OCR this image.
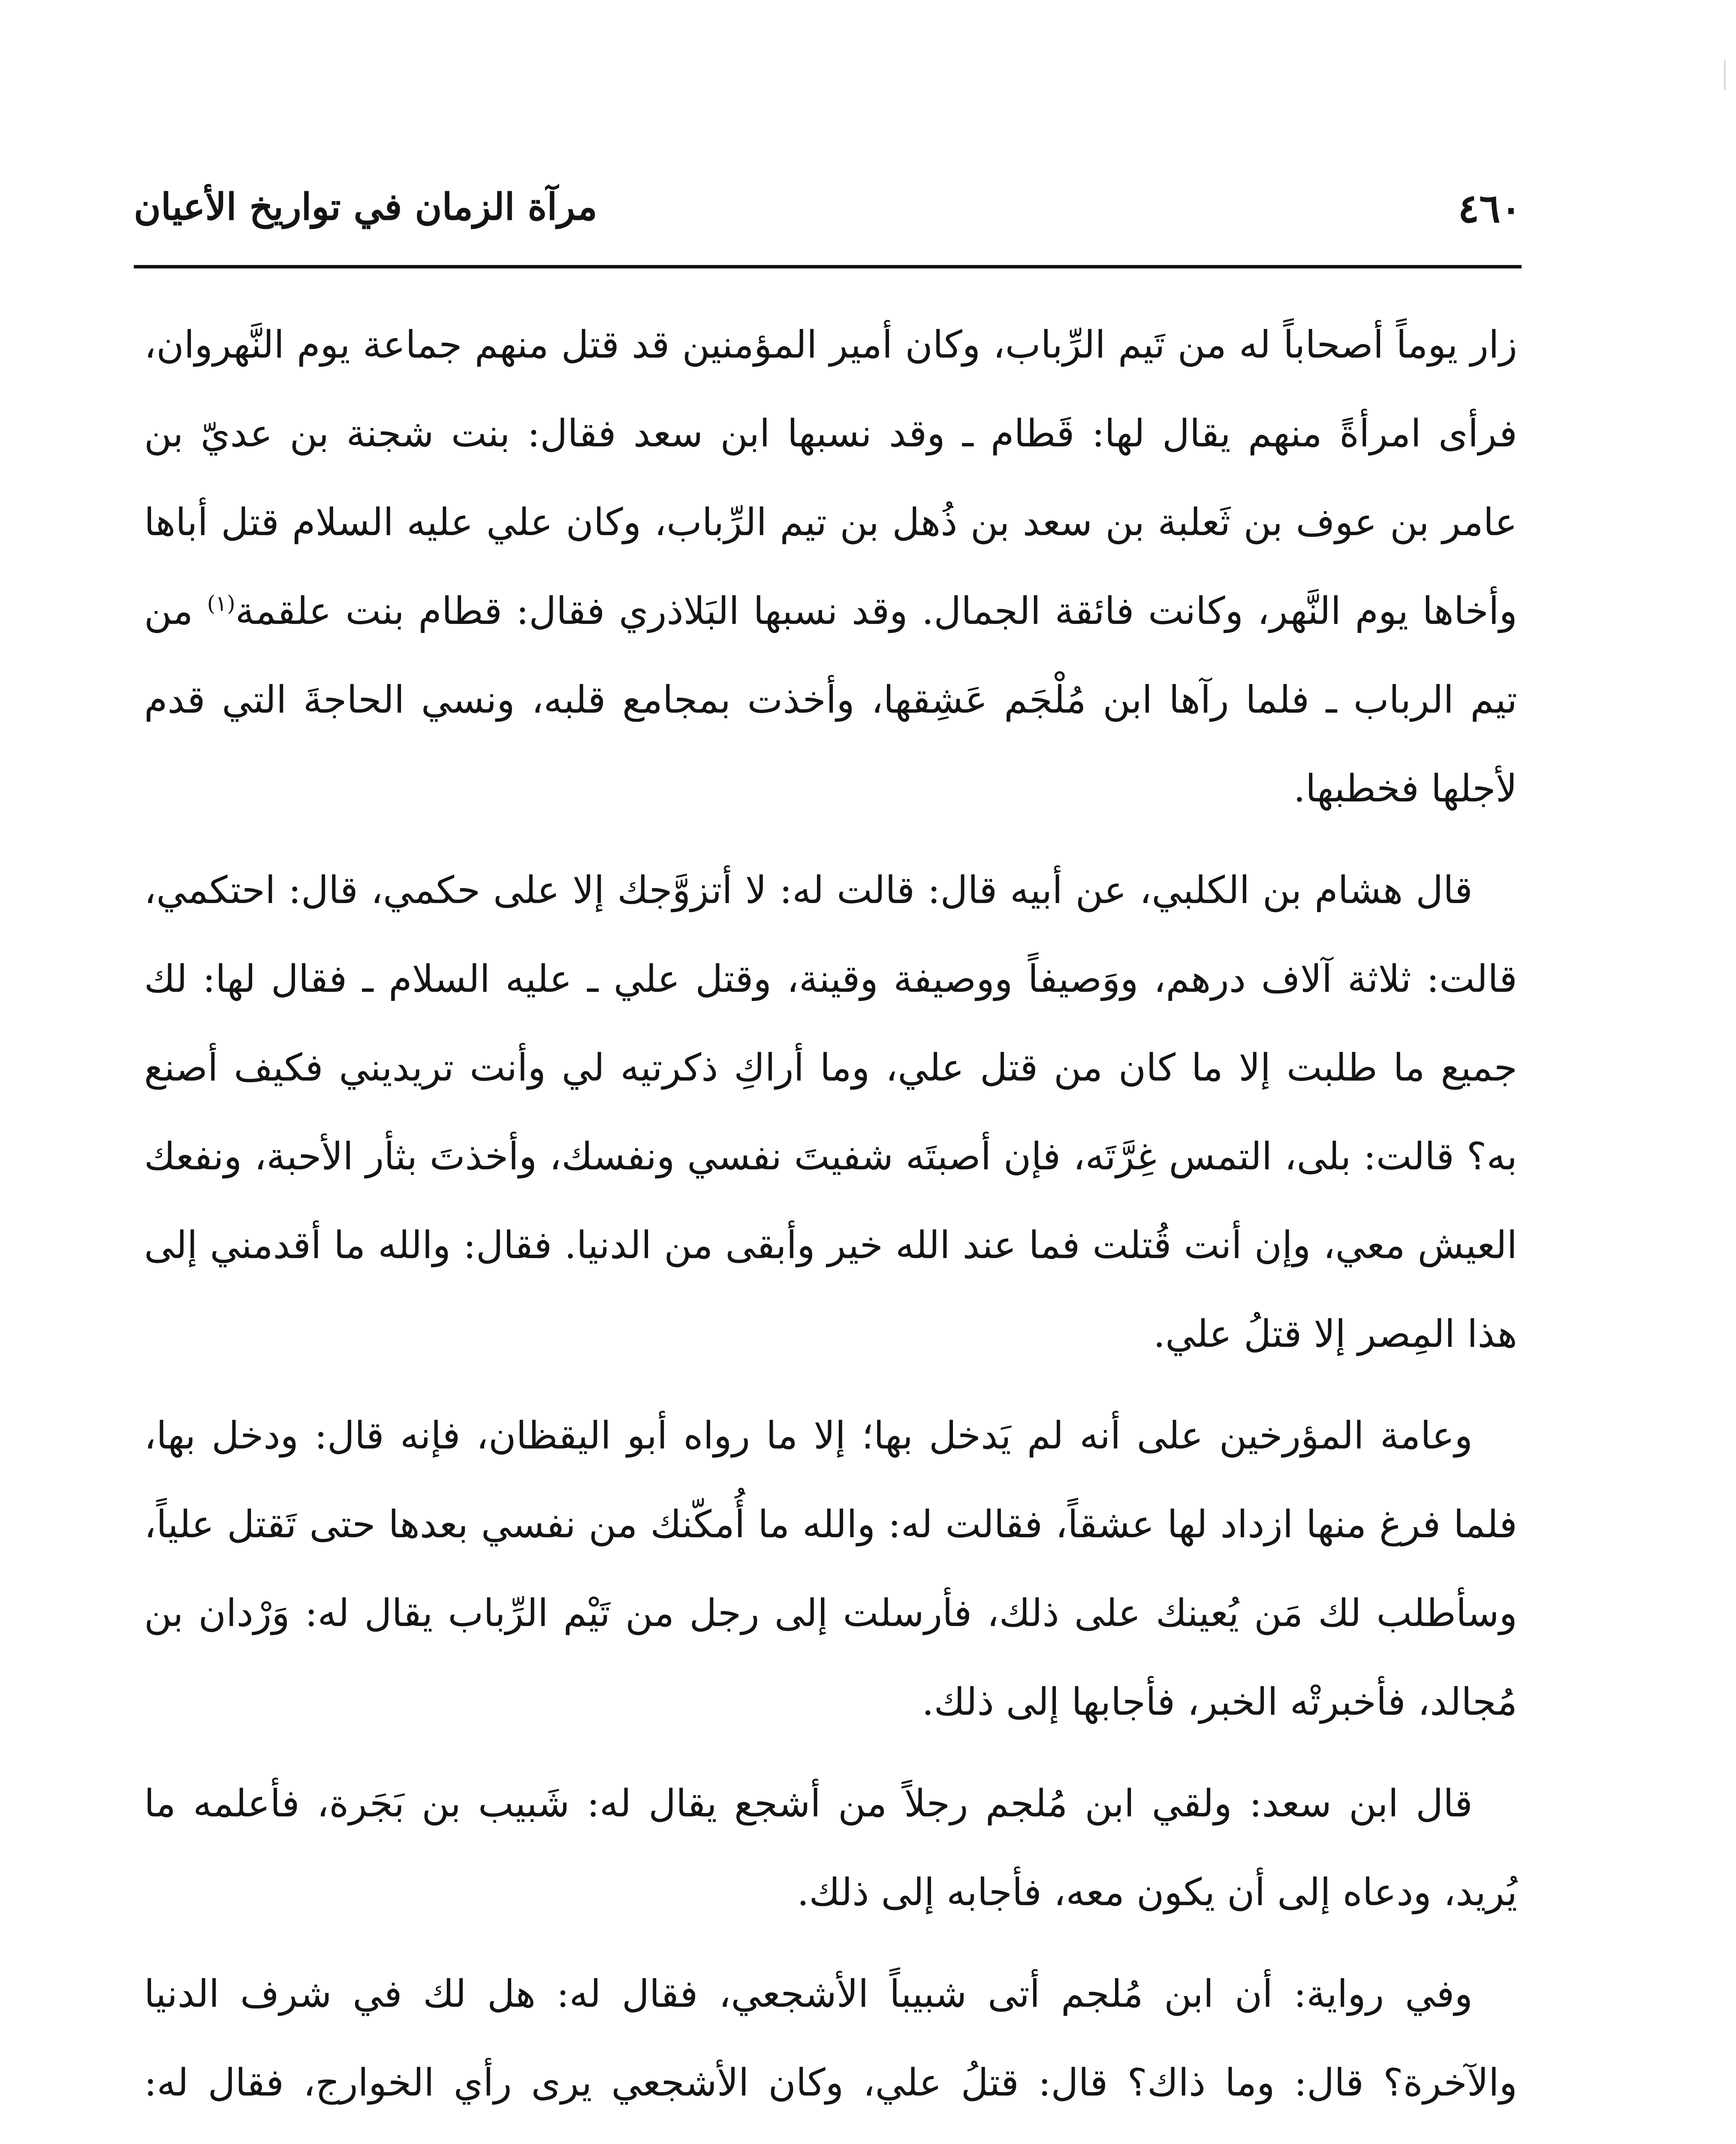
٤٦٠
مرآة الزمان في تواريخ الأعيان

زار يوماً أصحاباً له من تَيم الرِّباب، وكان أمير المؤمنين قد قتل منهم جماعة يوم النَّهروان، فرأى امرأةً منهم يقال لها: قَطام ـ وقد نسبها ابن سعد فقال: بنت شجنة بن عديّ بن عامر بن عوف بن ثَعلبة بن سعد بن ذُهل بن تيم الرِّباب، وكان علي عليه السلام قتل أباها وأخاها يوم النَّهر، وكانت فائقة الجمال. وقد نسبها البَلاذري فقال: قطام بنت علقمة$^{(١)}$ من تيم الرباب ـ فلما رآها ابن مُلْجَم عَشِقها، وأخذت بمجامع قلبه، ونسي الحاجةَ التي قدم لأجلها فخطبها.

قال هشام بن الكلبي، عن أبيه قال: قالت له: لا أتزوَّجك إلا على حكمي، قال: احتكمي، قالت: ثلاثة آلاف درهم، ووَصيفاً ووصيفة وقينة، وقتل علي ـ عليه السلام ـ فقال لها: لك جميع ما طلبت إلا ما كان من قتل علي، وما أراكِ ذكرتيه لي وأنت تريديني فكيف أصنع به؟ قالت: بلى، التمس غِرَّتَه، فإن أصبتَه شفيتَ نفسي ونفسك، وأخذتَ بثأر الأحبة، ونفعك العيش معي، وإن أنت قُتلت فما عند الله خير وأبقى من الدنيا. فقال: والله ما أقدمني إلى هذا المِصر إلا قتلُ علي.

وعامة المؤرخين على أنه لم يَدخل بها؛ إلا ما رواه أبو اليقظان، فإنه قال: ودخل بها، فلما فرغ منها ازداد لها عشقاً، فقالت له: والله ما أُمكّنك من نفسي بعدها حتى تَقتل علياً، وسأطلب لك مَن يُعينك على ذلك، فأرسلت إلى رجل من تَيْم الرِّباب يقال له: وَرْدان بن مُجالد، فأخبرتْه الخبر، فأجابها إلى ذلك.

قال ابن سعد: ولقي ابن مُلجم رجلاً من أشجع يقال له: شَبيب بن بَجَرة، فأعلمه ما يُريد، ودعاه إلى أن يكون معه، فأجابه إلى ذلك.

وفي رواية: أن ابن مُلجم أتى شبيباً الأشجعي، فقال له: هل لك في شرف الدنيا والآخرة؟ قال: وما ذاك؟ قال: قتلُ علي، وكان الأشجعي يرى رأي الخوارج، فقال له:
